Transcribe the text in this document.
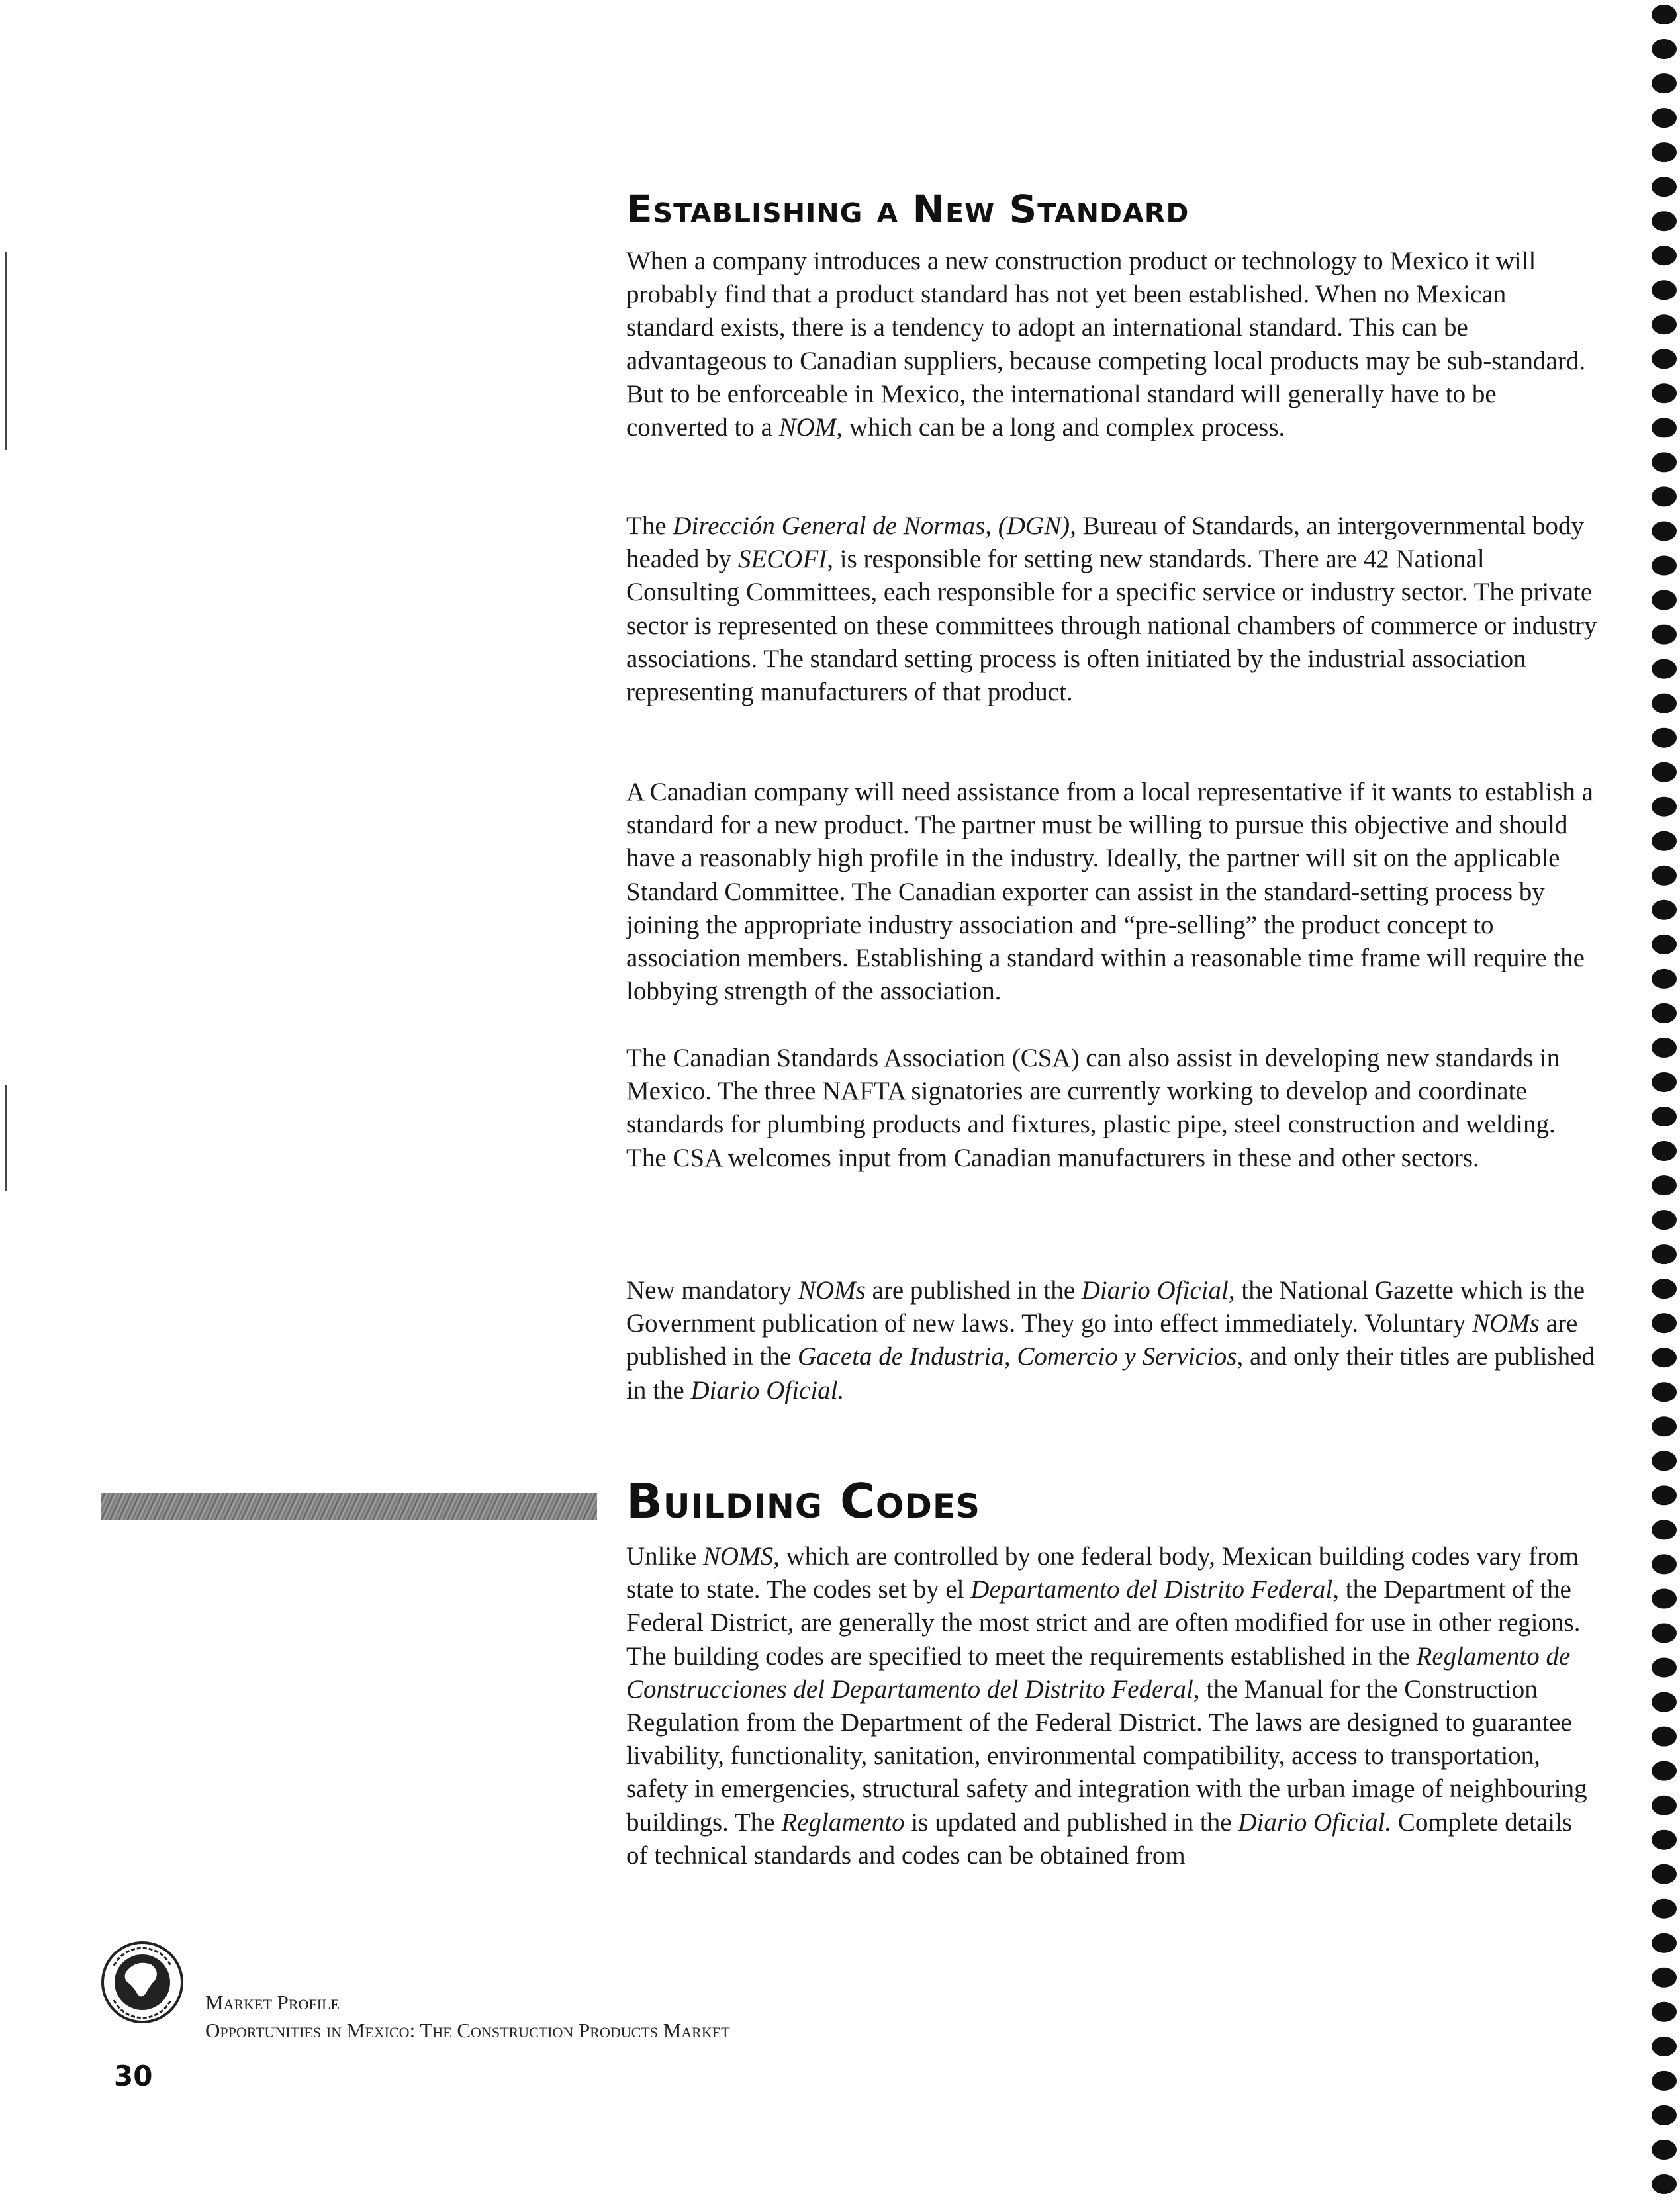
Establishing a New Standard

When a company introduces a new construction product or technology to Mexico it will probably find that a product standard has not yet been established. When no Mexican standard exists, there is a tendency to adopt an international standard. This can be advantageous to Canadian suppliers, because competing local products may be sub-standard. But to be enforceable in Mexico, the international standard will generally have to be converted to a NOM, which can be a long and complex process.

The Dirección General de Normas, (DGN), Bureau of Standards, an intergovernmental body headed by SECOFI, is responsible for setting new standards. There are 42 National Consulting Committees, each responsible for a specific service or industry sector. The private sector is represented on these committees through national chambers of commerce or industry associations. The standard setting process is often initiated by the industrial association representing manufacturers of that product.

A Canadian company will need assistance from a local representative if it wants to establish a standard for a new product. The partner must be willing to pursue this objective and should have a reasonably high profile in the industry. Ideally, the partner will sit on the applicable Standard Committee. The Canadian exporter can assist in the standard-setting process by joining the appropriate industry association and “pre-selling” the product concept to association members. Establishing a standard within a reasonable time frame will require the lobbying strength of the association.

The Canadian Standards Association (CSA) can also assist in developing new standards in Mexico. The three NAFTA signatories are currently working to develop and coordinate standards for plumbing products and fixtures, plastic pipe, steel construction and welding. The CSA welcomes input from Canadian manufacturers in these and other sectors.

New mandatory NOMs are published in the Diario Oficial, the National Gazette which is the Government publication of new laws. They go into effect immediately. Voluntary NOMs are published in the Gaceta de Industria, Comercio y Servicios, and only their titles are published in the Diario Oficial.

Building Codes

Unlike NOMS, which are controlled by one federal body, Mexican building codes vary from state to state. The codes set by el Departamento del Distrito Federal, the Department of the Federal District, are generally the most strict and are often modified for use in other regions. The building codes are specified to meet the requirements established in the Reglamento de Construcciones del Departamento del Distrito Federal, the Manual for the Construction Regulation from the Department of the Federal District. The laws are designed to guarantee livability, functionality, sanitation, environmental compatibility, access to transportation, safety in emergencies, structural safety and integration with the urban image of neighbouring buildings. The Reglamento is updated and published in the Diario Oficial. Complete details of technical standards and codes can be obtained from

Market Profile

Opportunities in Mexico: The Construction Products Market

30
